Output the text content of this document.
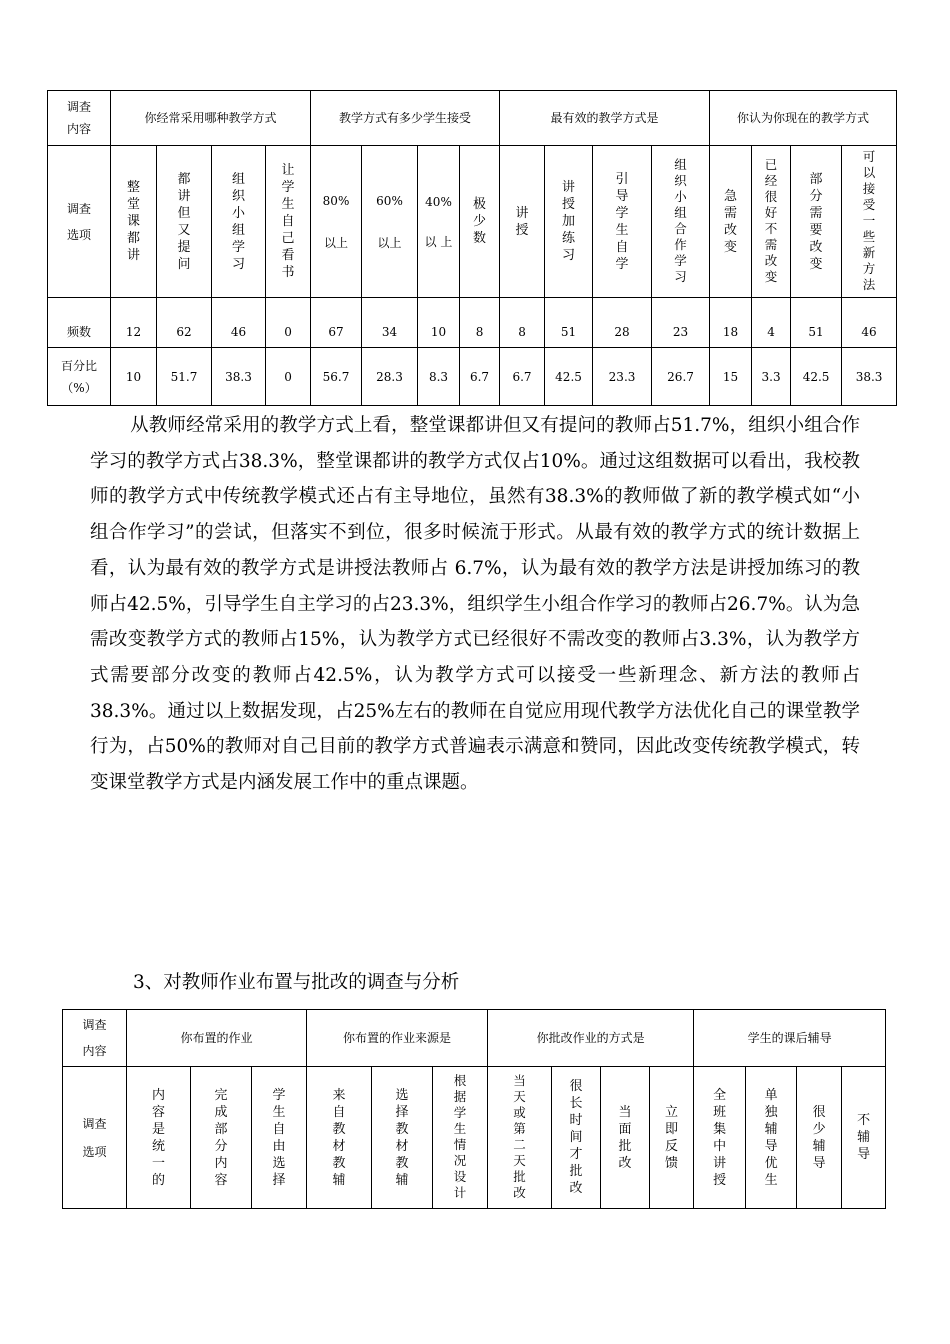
调查内容	你经常采用哪种教学方式				教学方式有多少学生接受				最有效的教学方式是				你认为你现在的教学方式			
调查选项	整堂课都讲	都讲但又提问	组织小组学习	让学生自己看书	80% 以上	60% 以上	40% 以 上	极少数	讲授	讲授加练习	引导学生自学	组织小组合作学习	急需改变	已经很好不需改变	部分需要改变	可以接受一些新方法
频数	12	62	46	0	67	34	10	8	8	51	28	23	18	4	51	46
百分比（%）	10	51.7	38.3	0	56.7	28.3	8.3	6.7	6.7	42.5	23.3	26.7	15	3.3	42.5	38.3

从教师经常采用的教学方式上看，整堂课都讲但又有提问的教师占51.7%，组织小组合作学习的教学方式占38.3%，整堂课都讲的教学方式仅占10%。通过这组数据可以看出，我校教师的教学方式中传统教学模式还占有主导地位，虽然有38.3%的教师做了新的教学模式如“小组合作学习”的尝试，但落实不到位，很多时候流于形式。从最有效的教学方式的统计数据上看，认为最有效的教学方式是讲授法教师占 6.7%，认为最有效的教学方法是讲授加练习的教师占42.5%，引导学生自主学习的占23.3%，组织学生小组合作学习的教师占26.7%。认为急需改变教学方式的教师占15%，认为教学方式已经很好不需改变的教师占3.3%，认为教学方式需要部分改变的教师占42.5%，认为教学方式可以接受一些新理念、新方法的教师占38.3%。通过以上数据发现，占25%左右的教师在自觉应用现代教学方法优化自己的课堂教学行为，占50%的教师对自己目前的教学方式普遍表示满意和赞同，因此改变传统教学模式，转变课堂教学方式是内涵发展工作中的重点课题。

3、对教师作业布置与批改的调查与分析

调查内容	你布置的作业			你布置的作业来源是			你批改作业的方式是				学生的课后辅导			
调查选项	内容是统一的	完成部分内容	学生自由选择	来自教材教辅	选择教材教辅	根据学生情况设计	当天或第二天批改	很长时间才批改	当面批改	立即反馈	全班集中讲授	单独辅导优生	很少辅导	不辅导
